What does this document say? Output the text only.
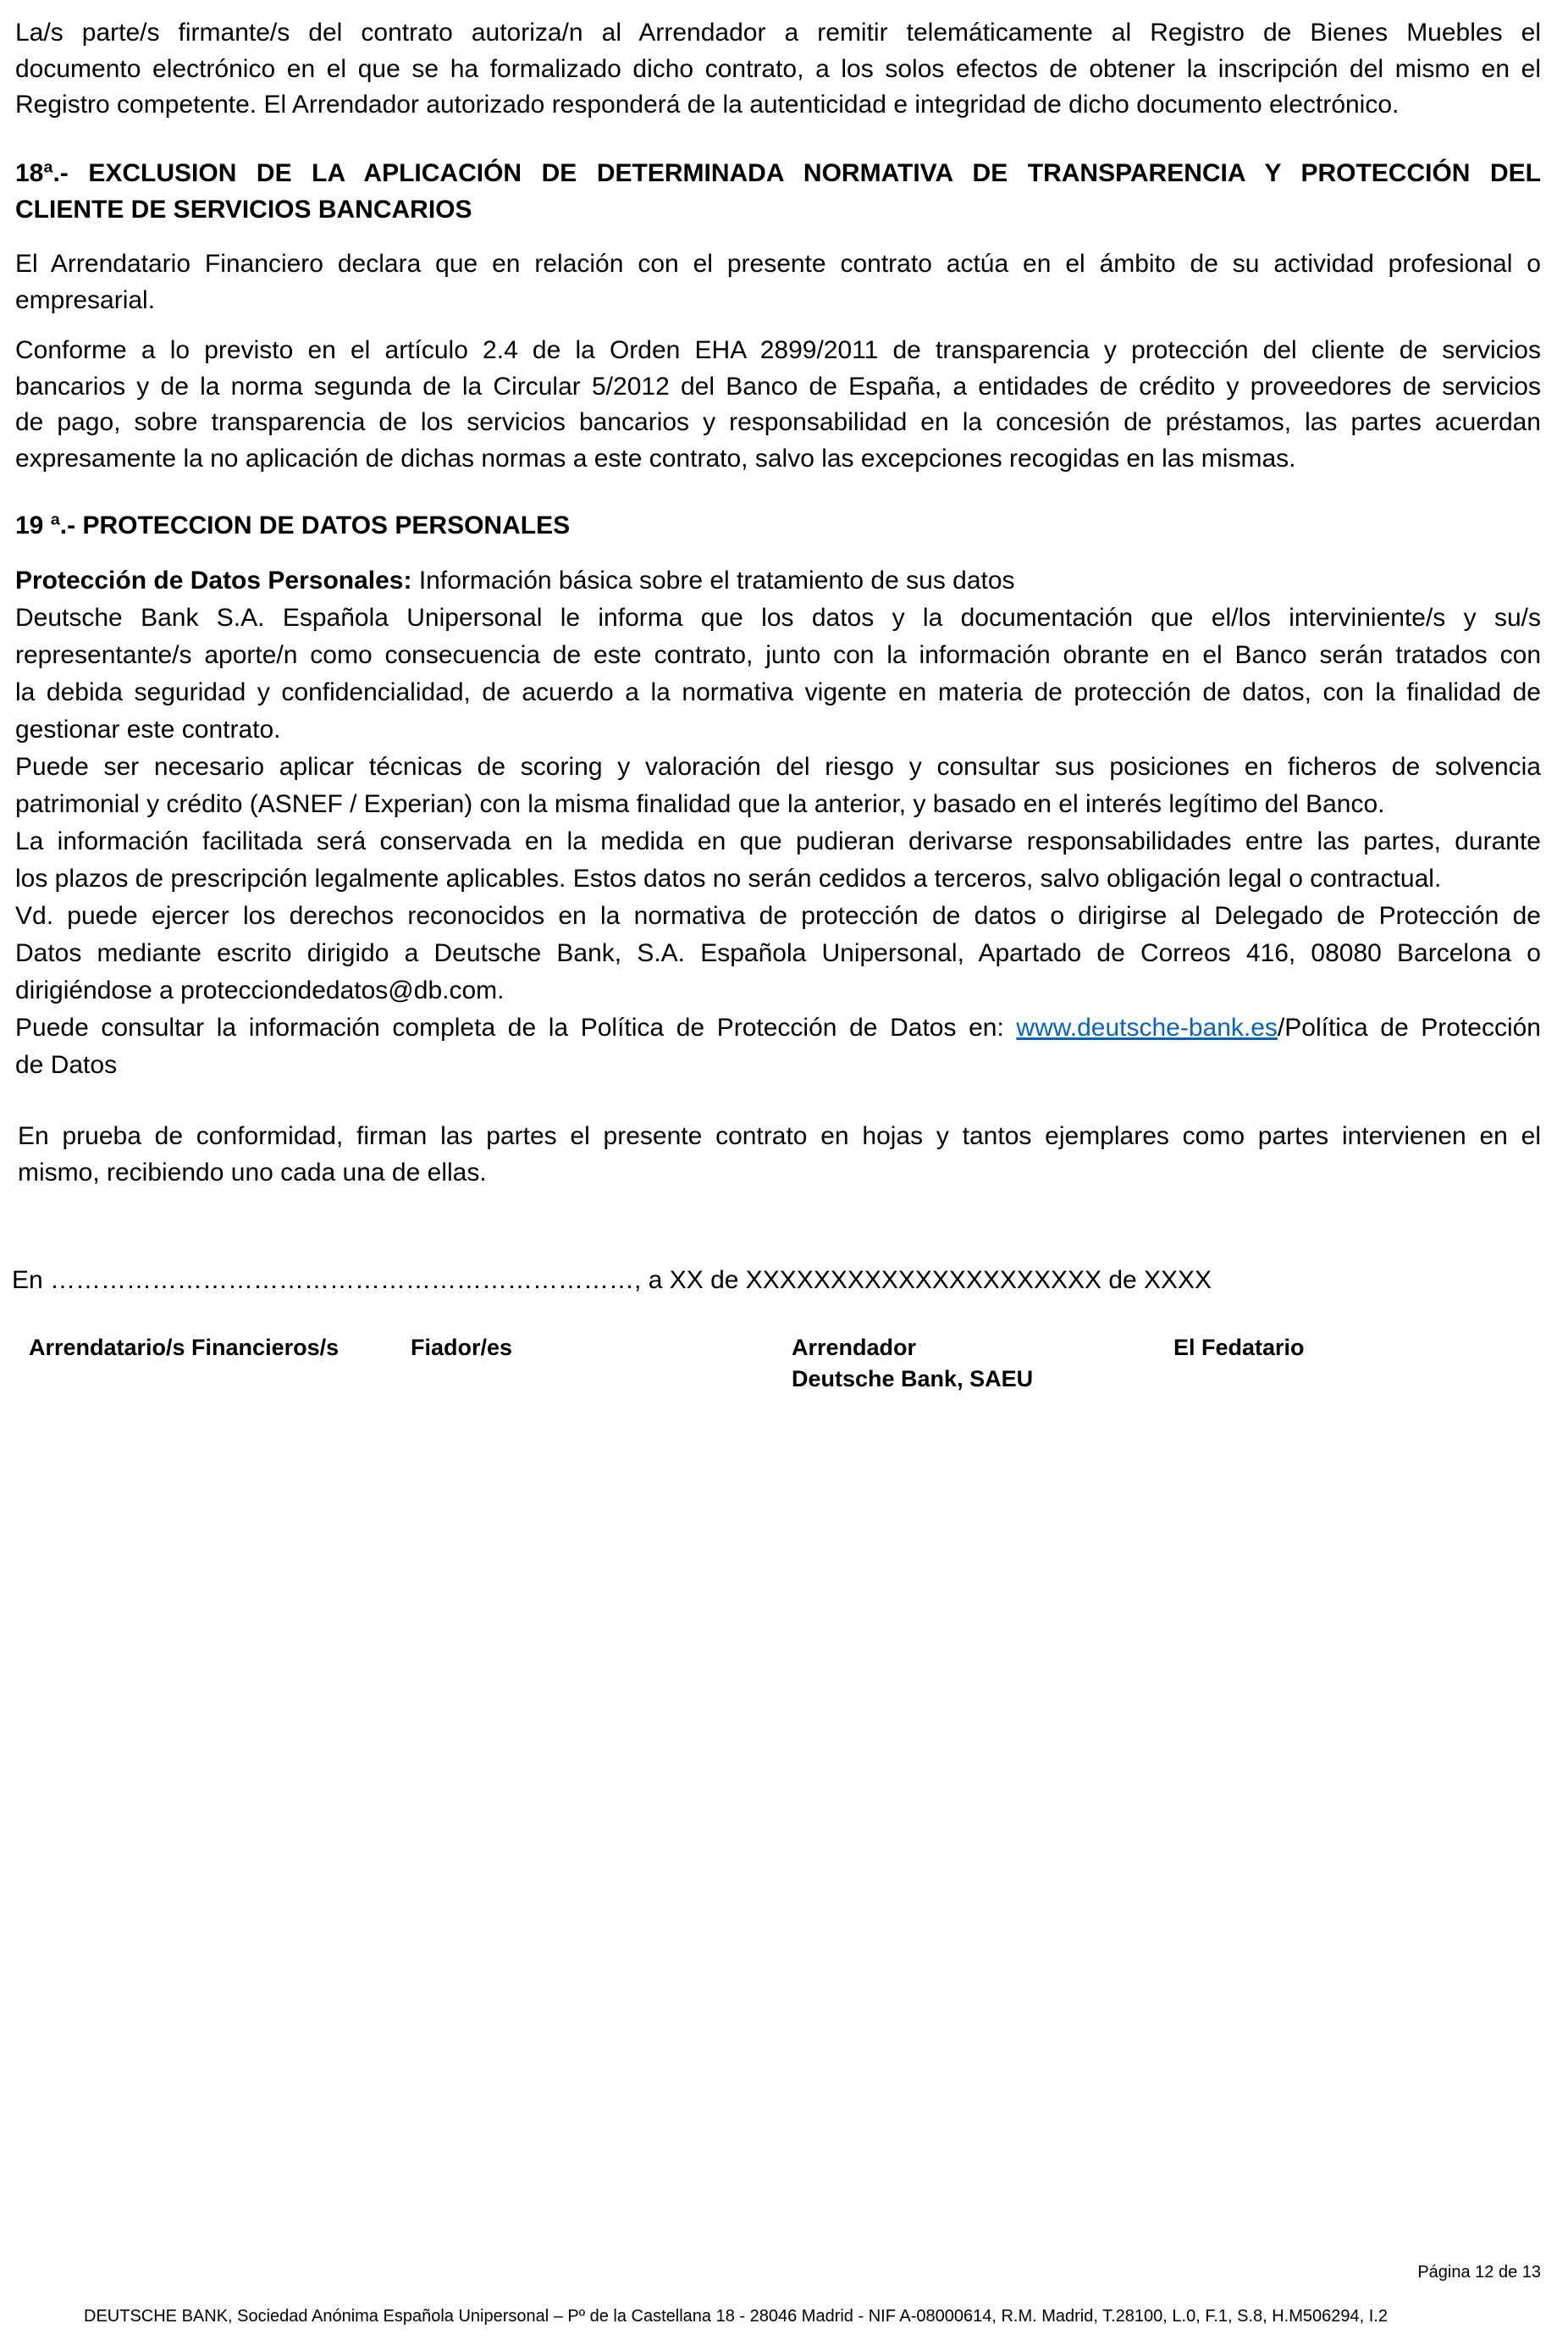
La/s parte/s firmante/s del contrato autoriza/n al Arrendador a remitir telemáticamente al Registro de Bienes Muebles el
documento electrónico en el que se ha formalizado dicho contrato, a los solos efectos de obtener la inscripción del mismo en el
Registro competente. El Arrendador autorizado responderá de la autenticidad e integridad de dicho documento electrónico.
18ª.- EXCLUSION DE LA APLICACIÓN DE DETERMINADA NORMATIVA DE TRANSPARENCIA Y PROTECCIÓN DEL
CLIENTE DE SERVICIOS BANCARIOS
El Arrendatario Financiero declara que en relación con el presente contrato actúa en el ámbito de su actividad profesional o
empresarial.
Conforme a lo previsto en el artículo 2.4 de la Orden EHA 2899/2011 de transparencia y protección del cliente de servicios
bancarios y de la norma segunda de la Circular 5/2012 del Banco de España, a entidades de crédito y proveedores de servicios
de pago, sobre transparencia de los servicios bancarios y responsabilidad en la concesión de préstamos, las partes acuerdan
expresamente la no aplicación de dichas normas a este contrato, salvo las excepciones recogidas en las mismas.
19 ª.- PROTECCION DE DATOS PERSONALES
Protección de Datos Personales: Información básica sobre el tratamiento de sus datos
Deutsche Bank S.A. Española Unipersonal le informa que los datos y la documentación que el/los interviniente/s y su/s
representante/s aporte/n como consecuencia de este contrato, junto con la información obrante en el Banco serán tratados con
la debida seguridad y confidencialidad, de acuerdo a la normativa vigente en materia de protección de datos, con la finalidad de
gestionar este contrato.
Puede ser necesario aplicar técnicas de scoring y valoración del riesgo y consultar sus posiciones en ficheros de solvencia
patrimonial y crédito (ASNEF / Experian) con la misma finalidad que la anterior, y basado en el interés legítimo del Banco.
La información facilitada será conservada en la medida en que pudieran derivarse responsabilidades entre las partes, durante
los plazos de prescripción legalmente aplicables. Estos datos no serán cedidos a terceros, salvo obligación legal o contractual.
Vd. puede ejercer los derechos reconocidos en la normativa de protección de datos o dirigirse al Delegado de Protección de
Datos mediante escrito dirigido a Deutsche Bank, S.A. Española Unipersonal, Apartado de Correos 416, 08080 Barcelona o
dirigiéndose a protecciondedatos@db.com.
Puede consultar la información completa de la Política de Protección de Datos en: www.deutsche-bank.es/Política de Protección
de Datos
En prueba de conformidad, firman las partes el presente contrato en hojas y tantos ejemplares como partes intervienen en el
mismo, recibiendo uno cada una de ellas.
En ……………………………………………………………, a XX de XXXXXXXXXXXXXXXXXXXXX de XXXX
Arrendatario/s Financieros/s	Fiador/es	Arrendador
Deutsche Bank, SAEU
El Fedatario
Página 12 de 13
DEUTSCHE BANK, Sociedad Anónima Española Unipersonal – Pº de la Castellana 18 - 28046 Madrid - NIF A-08000614, R.M. Madrid, T.28100, L.0, F.1, S.8, H.M506294, I.2
